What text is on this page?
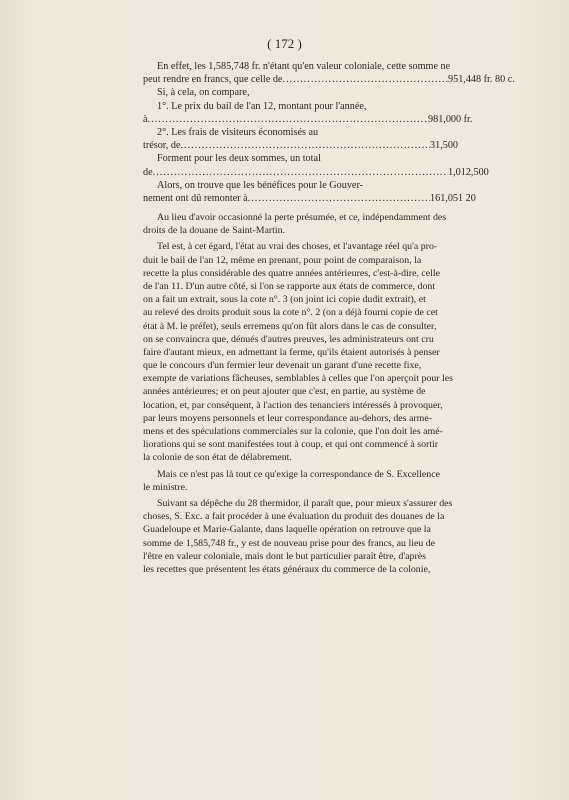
( 172 )
En effet, les 1,585,748 fr. n'étant qu'en valeur coloniale, cette somme ne
peut rendre en francs, que celle de .....	951,448 fr. 80 c.
Si, à cela, on compare,
1°. Le prix du bail de l'an 12, montant pour l'année,
à .....	981,000 fr.
2°. Les frais de visiteurs économisés au
trésor, de .....	31,500
Forment pour les deux sommes, un total
de .....	1,012,500
Alors, on trouve que les bénéfices pour le Gouver-
nement ont dû remonter à .....	161,051 20
Au lieu d'avoir occasionné la perte présumée, et ce, indépendamment des
droits de la douane de Saint-Martin.
Tel est, à cet égard, l'état au vrai des choses, et l'avantage réel qu'a pro-
duit le bail de l'an 12, même en prenant, pour point de comparaison, la
recette la plus considérable des quatre années antérieures, c'est-à-dire, celle
de l'an 11. D'un autre côté, si l'on se rapporte aux états de commerce, dont
on a fait un extrait, sous la cote n°. 3 (on joint ici copie dudit extrait), et
au relevé des droits produit sous la cote n°. 2 (on a déjà fourni copie de cet
état à M. le préfet), seuls erremens qu'on fût alors dans le cas de consulter,
on se convaincra que, dénués d'autres preuves, les administrateurs ont cru
faire d'autant mieux, en admettant la ferme, qu'ils étaient autorisés à penser
que le concours d'un fermier leur devenait un garant d'une recette fixe,
exempte de variations fâcheuses, semblables à celles que l'on aperçoit pour les
années antérieures; et on peut ajouter que c'est, en partie, au système de
location, et, par conséquent, à l'action des tenanciers intéressés à provoquer,
par leurs moyens personnels et leur correspondance au-dehors, des arme-
mens et des spéculations commerciales sur la colonie, que l'on doit les amé-
liorations qui se sont manifestées tout à coup, et qui ont commencé à sortir
la colonie de son état de délabrement.
Mais ce n'est pas là tout ce qu'exige la correspondance de S. Excellence
le ministre.
Suivant sa dépêche du 28 thermidor, il paraît que, pour mieux s'assurer des
choses, S. Exc. a fait procéder à une évaluation du produit des douanes de la
Guadeloupe et Marie-Galante, dans laquelle opération on retrouve que la
somme de 1,585,748 fr., y est de nouveau prise pour des francs, au lieu de
l'être en valeur coloniale, mais dont le but particulier paraît être, d'après
les recettes que présentent les états généraux du commerce de la colonie,
